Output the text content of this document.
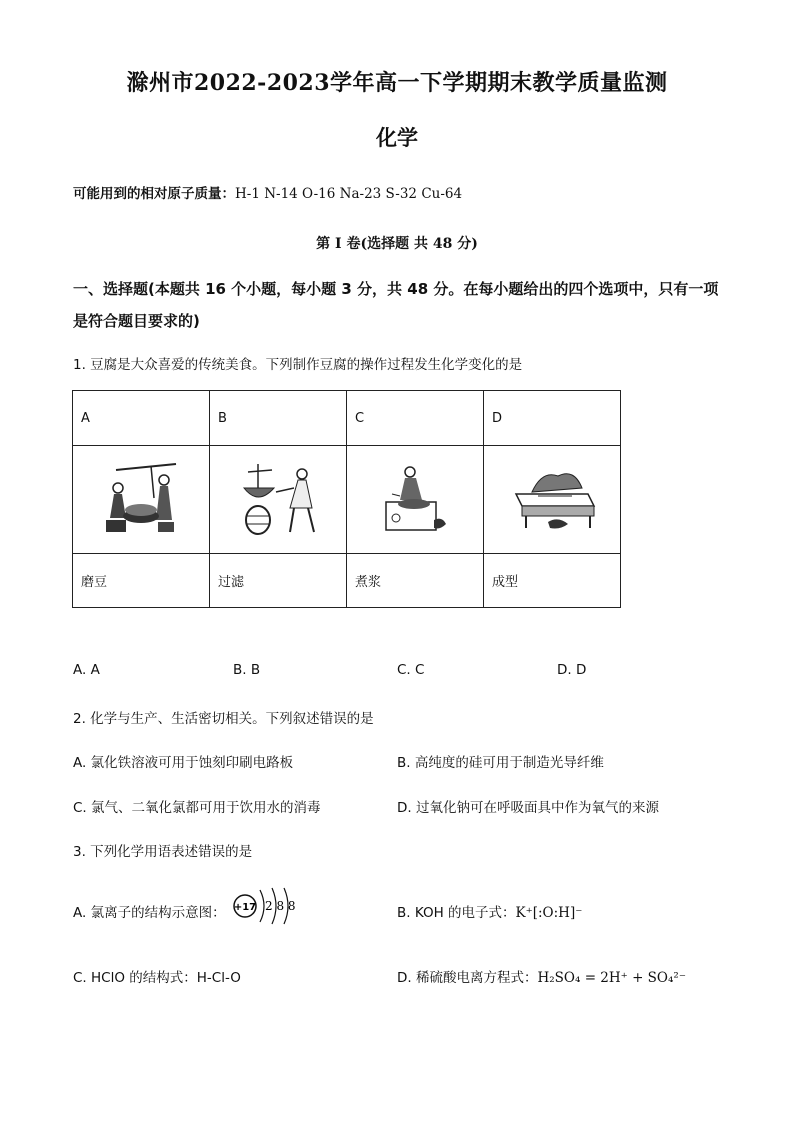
滁州市2022-2023学年高一下学期期末教学质量监测
化学
可能用到的相对原子质量：H-1 N-14 O-16 Na-23 S-32 Cu-64
第 I 卷(选择题 共 48 分)
一、选择题(本题共 16 个小题，每小题 3 分，共 48 分。在每小题给出的四个选项中，只有一项是符合题目要求的)
1. 豆腐是大众喜爱的传统美食。下列制作豆腐的操作过程发生化学变化的是
A	B	C	D

磨豆	过滤	煮浆	成型
A. A	B. B	C. C	D. D
2. 化学与生产、生活密切相关。下列叙述错误的是
A. 氯化铁溶液可用于蚀刻印刷电路板	B. 高纯度的硅可用于制造光导纤维
C. 氯气、二氧化氯都可用于饮用水的消毒	D. 过氧化钠可在呼吸面具中作为氧气的来源
3. 下列化学用语表述错误的是
A. 氯离子的结构示意图： +17 2 8 8	B. KOH 的电子式：K⁺[:O:H]⁻
C. HClO 的结构式：H-Cl-O	D. 稀硫酸电离方程式：H₂SO₄ = 2H⁺ + SO₄²⁻
